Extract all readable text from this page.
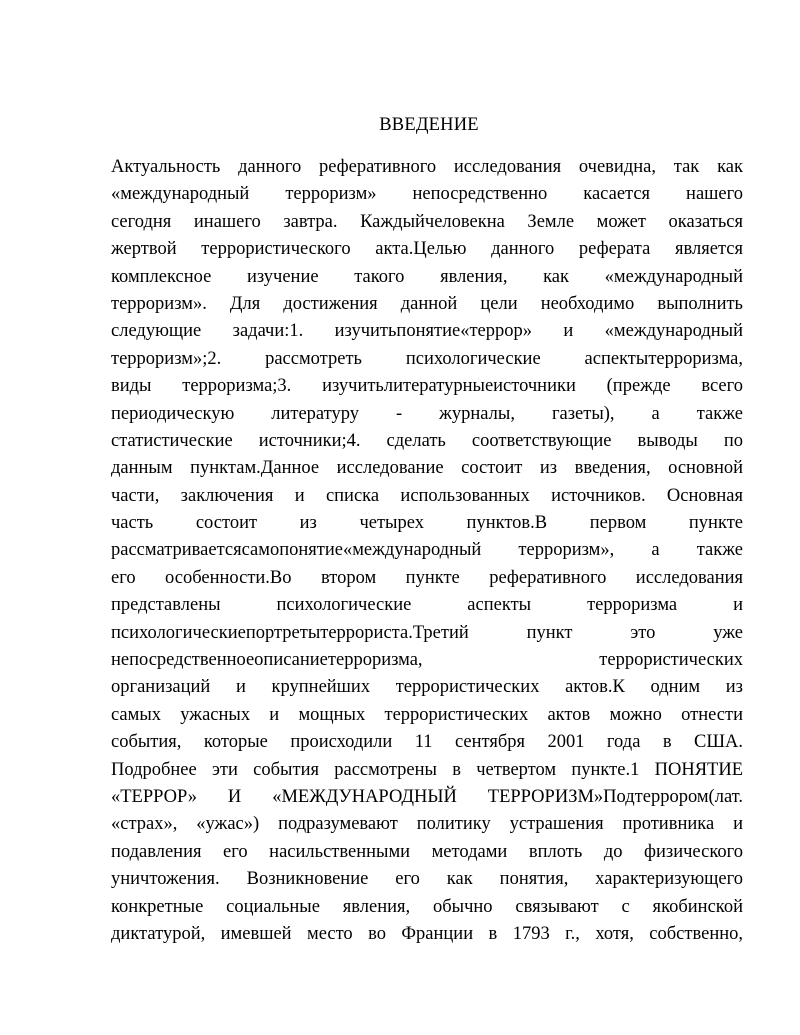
ВВЕДЕНИЕ
Актуальность данного реферативного исследования очевидна, так как
«международный терроризм» непосредственно касается нашего
сегодня инашего завтра. Каждыйчеловекна Земле может оказаться
жертвой террористического акта.Целью данного реферата является
комплексное изучение такого явления, как «международный
терроризм». Для достижения данной цели необходимо выполнить
следующие задачи:1. изучитьпонятие«террор» и «международный
терроризм»;2. рассмотреть психологические аспектытерроризма,
виды терроризма;3. изучитьлитературныеисточники (прежде всего
периодическую литературу - журналы, газеты), а также
статистические источники;4. сделать соответствующие выводы по
данным пунктам.Данное исследование состоит из введения, основной
части, заключения и списка использованных источников. Основная
часть состоит из четырех пунктов.В первом пункте
рассматриваетсясамопонятие«международный терроризм», а также
его особенности.Во втором пункте реферативного исследования
представлены психологические аспекты терроризма и
психологическиепортретытеррориста.Третий пункт это уже
непосредственноеописаниетерроризма, террористических
организаций и крупнейших террористических актов.К одним из
самых ужасных и мощных террористических актов можно отнести
события, которые происходили 11 сентября 2001 года в США.
Подробнее эти события рассмотрены в четвертом пункте.1 ПОНЯТИЕ
«ТЕРРОР» И «МЕЖДУНАРОДНЫЙ ТЕРРОРИЗМ»Подтеррором(лат.
«страх», «ужас») подразумевают политику устрашения противника и
подавления его насильственными методами вплоть до физического
уничтожения. Возникновение его как понятия, характеризующего
конкретные социальные явления, обычно связывают с якобинской
диктатурой, имевшей место во Франции в 1793 г., хотя, собственно,
